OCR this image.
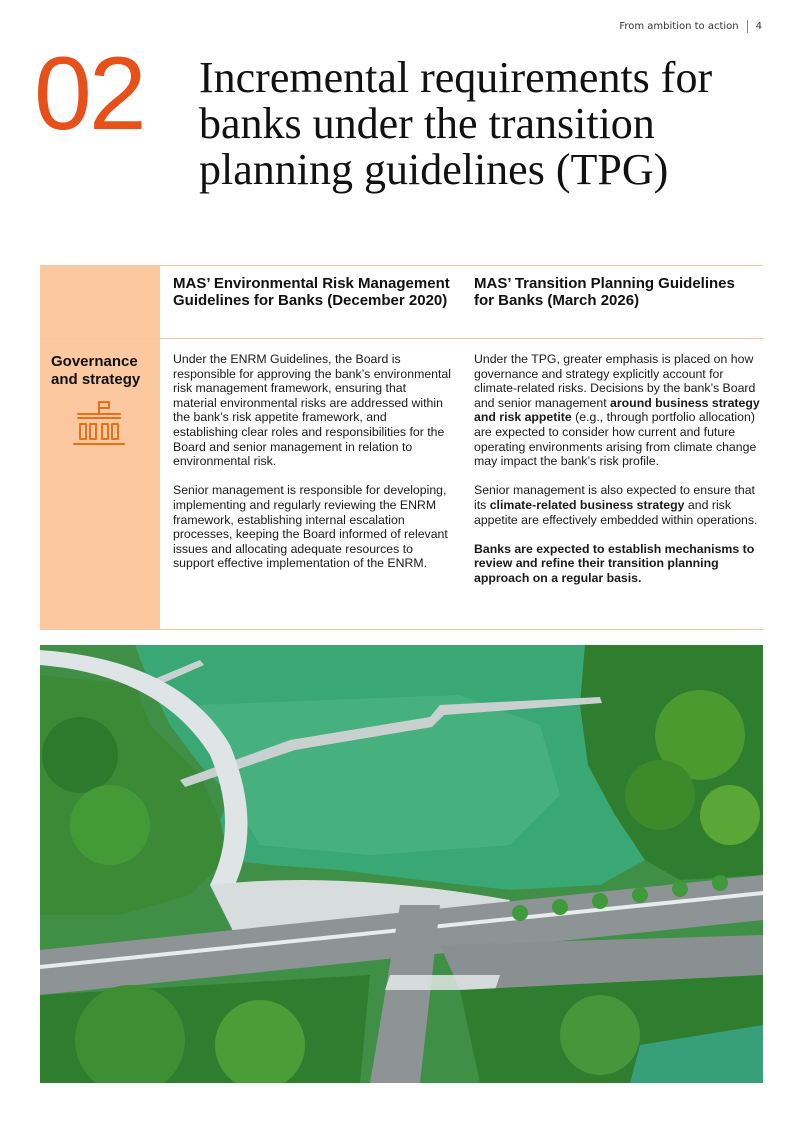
From ambition to action 4
02 Incremental requirements for banks under the transition planning guidelines (TPG)
MAS’ Environmental Risk Management Guidelines for Banks (December 2020)
MAS’ Transition Planning Guidelines for Banks (March 2026)
Governance and strategy

Under the ENRM Guidelines, the Board is responsible for approving the bank’s environmental risk management framework, ensuring that material environmental risks are addressed within the bank’s risk appetite framework, and establishing clear roles and responsibilities for the Board and senior management in relation to environmental risk.

Senior management is responsible for developing, implementing and regularly reviewing the ENRM framework, establishing internal escalation processes, keeping the Board informed of relevant issues and allocating adequate resources to support effective implementation of the ENRM.

Under the TPG, greater emphasis is placed on how governance and strategy explicitly account for climate-related risks. Decisions by the bank’s Board and senior management around business strategy and risk appetite (e.g., through portfolio allocation) are expected to consider how current and future operating environments arising from climate change may impact the bank’s risk profile.

Senior management is also expected to ensure that its climate-related business strategy and risk appetite are effectively embedded within operations.

Banks are expected to establish mechanisms to review and refine their transition planning approach on a regular basis.
